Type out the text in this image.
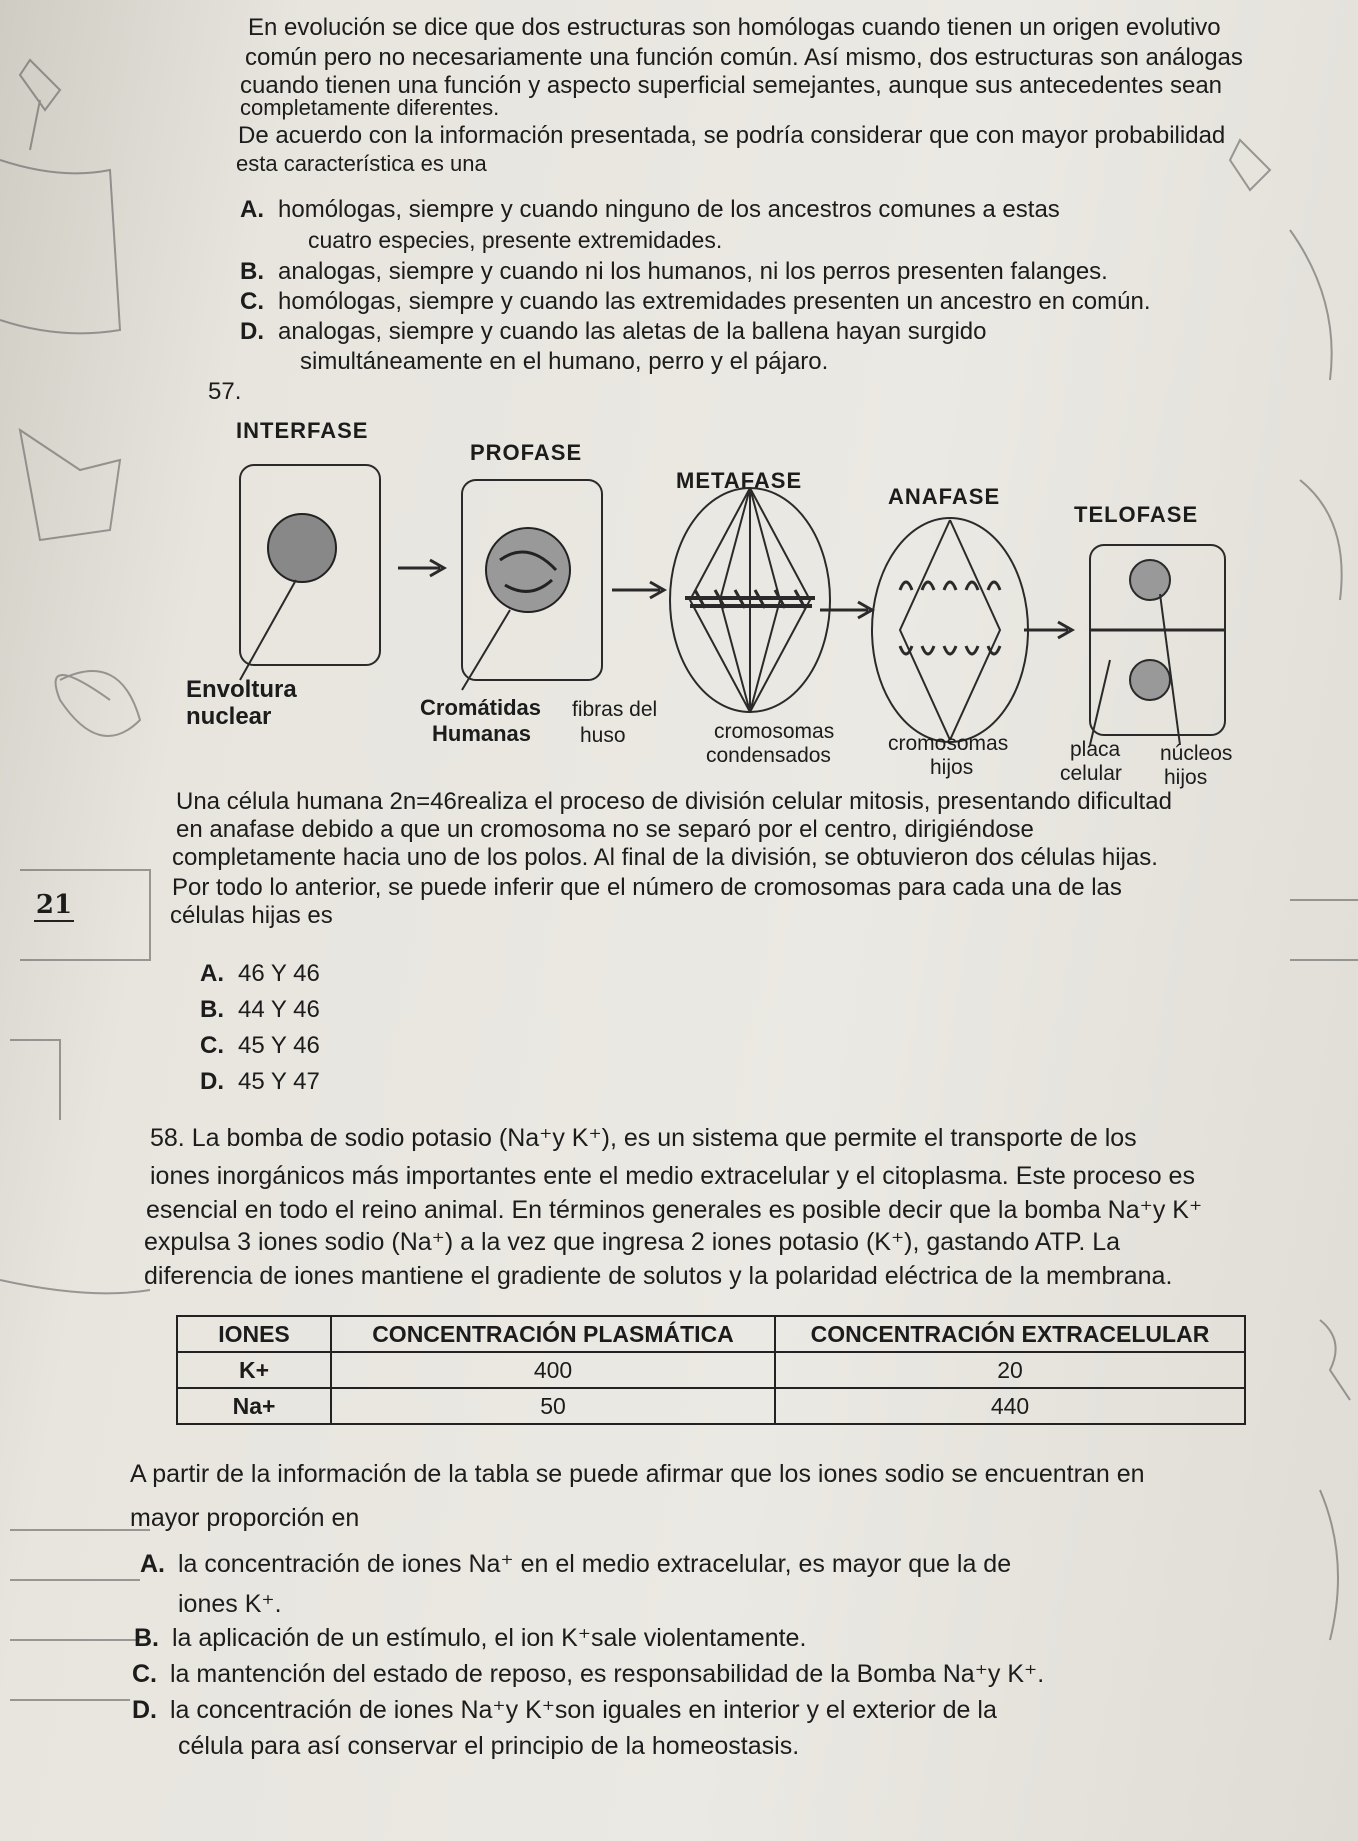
En evolución se dice que dos estructuras son homólogas cuando tienen un origen evolutivo
común pero no necesariamente una función común. Así mismo, dos estructuras son análogas
cuando tienen una función y aspecto superficial semejantes, aunque sus antecedentes sean
completamente diferentes.
De acuerdo con la información presentada, se podría considerar que con mayor probabilidad
esta característica es una
A. homólogas, siempre y cuando ninguno de los ancestros comunes a estas
cuatro especies, presente extremidades.
B. analogas, siempre y cuando ni los humanos, ni los perros presenten falanges.
C. homólogas, siempre y cuando las extremidades presenten un ancestro en común.
D. analogas, siempre y cuando las aletas de la ballena hayan surgido
simultáneamente en el humano, perro y el pájaro.
57.
INTERFASE
PROFASE
METAFASE
ANAFASE
TELOFASE
Envoltura
nuclear	Cromátidas
Humanas
fibras del
huso	cromosomas
condensados
cromosomas
hijos
placa
celular
núcleos
hijos
Una célula humana 2n=46realiza el proceso de división celular mitosis, presentando dificultad
en anafase debido a que un cromosoma no se separó por el centro, dirigiéndose
completamente hacia uno de los polos. Al final de la división, se obtuvieron dos células hijas.
Por todo lo anterior, se puede inferir que el número de cromosomas para cada una de las
células hijas es
21
A. 46 Y 46
B. 44 Y 46
C. 45 Y 46
D. 45 Y 47
58. La bomba de sodio potasio (Na⁺y K⁺), es un sistema que permite el transporte de los
iones inorgánicos más importantes ente el medio extracelular y el citoplasma. Este proceso es
esencial en todo el reino animal. En términos generales es posible decir que la bomba Na⁺y K⁺
expulsa 3 iones sodio (Na⁺) a la vez que ingresa 2 iones potasio (K⁺), gastando ATP. La
diferencia de iones mantiene el gradiente de solutos y la polaridad eléctrica de la membrana.
IONES	CONCENTRACIÓN PLASMÁTICA	CONCENTRACIÓN EXTRACELULAR
K+	400	20
Na+	50	440
A partir de la información de la tabla se puede afirmar que los iones sodio se encuentran en
mayor proporción en
A. la concentración de iones Na⁺ en el medio extracelular, es mayor que la de
iones K⁺.
B. la aplicación de un estímulo, el ion K⁺sale violentamente.
C. la mantención del estado de reposo, es responsabilidad de la Bomba Na⁺y K⁺.
D. la concentración de iones Na⁺y K⁺son iguales en interior y el exterior de la
célula para así conservar el principio de la homeostasis.
